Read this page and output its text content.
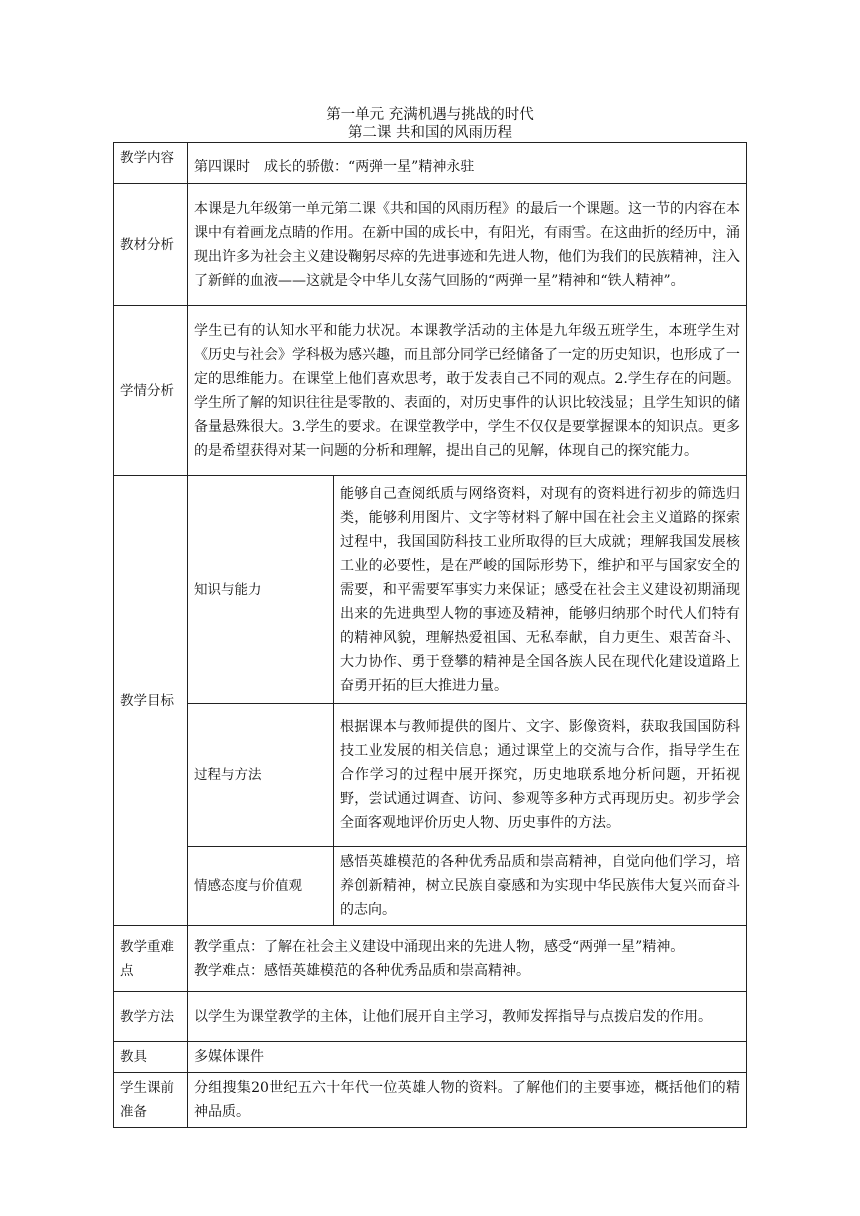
第一单元 充满机遇与挑战的时代
第二课 共和国的风雨历程
教学内容	第四课时　成长的骄傲：“两弹一星”精神永驻	
教材分析	本课是九年级第一单元第二课《共和国的风雨历程》的最后一个课题。这一节的内容在本课中有着画龙点睛的作用。在新中国的成长中，有阳光，有雨雪。在这曲折的经历中，涌现出许多为社会主义建设鞠躬尽瘁的先进事迹和先进人物，他们为我们的民族精神，注入了新鲜的血液——这就是令中华儿女荡气回肠的“两弹一星”精神和“铁人精神”。	
学情分析	学生已有的认知水平和能力状况。本课教学活动的主体是九年级五班学生，本班学生对《历史与社会》学科极为感兴趣，而且部分同学已经储备了一定的历史知识，也形成了一定的思维能力。在课堂上他们喜欢思考，敢于发表自己不同的观点。2.学生存在的问题。学生所了解的知识往往是零散的、表面的，对历史事件的认识比较浅显；且学生知识的储备量悬殊很大。3.学生的要求。在课堂教学中，学生不仅仅是要掌握课本的知识点。更多的是希望获得对某一问题的分析和理解，提出自己的见解，体现自己的探究能力。	
教学目标	知识与能力	能够自己查阅纸质与网络资料，对现有的资料进行初步的筛选归类，能够利用图片、文字等材料了解中国在社会主义道路的探索过程中，我国国防科技工业所取得的巨大成就；理解我国发展核工业的必要性，是在严峻的国际形势下，维护和平与国家安全的需要，和平需要军事实力来保证；感受在社会主义建设初期涌现出来的先进典型人物的事迹及精神，能够归纳那个时代人们特有的精神风貌，理解热爱祖国、无私奉献，自力更生、艰苦奋斗、大力协作、勇于登攀的精神是全国各族人民在现代化建设道路上奋勇开拓的巨大推进力量。
	过程与方法	根据课本与教师提供的图片、文字、影像资料，获取我国国防科技工业发展的相关信息；通过课堂上的交流与合作，指导学生在合作学习的过程中展开探究，历史地联系地分析问题，开拓视野，尝试通过调查、访问、参观等多种方式再现历史。初步学会全面客观地评价历史人物、历史事件的方法。
	情感态度与价值观	感悟英雄模范的各种优秀品质和崇高精神，自觉向他们学习，培养创新精神，树立民族自豪感和为实现中华民族伟大复兴而奋斗的志向。
教学重难点	教学重点：了解在社会主义建设中涌现出来的先进人物，感受“两弹一星”精神。
教学难点：感悟英雄模范的各种优秀品质和崇高精神。	

教学方法	以学生为课堂教学的主体，让他们展开自主学习，教师发挥指导与点拨启发的作用。	
教具	多媒体课件	
学生课前准备	分组搜集20世纪五六十年代一位英雄人物的资料。了解他们的主要事迹，概括他们的精神品质。	
